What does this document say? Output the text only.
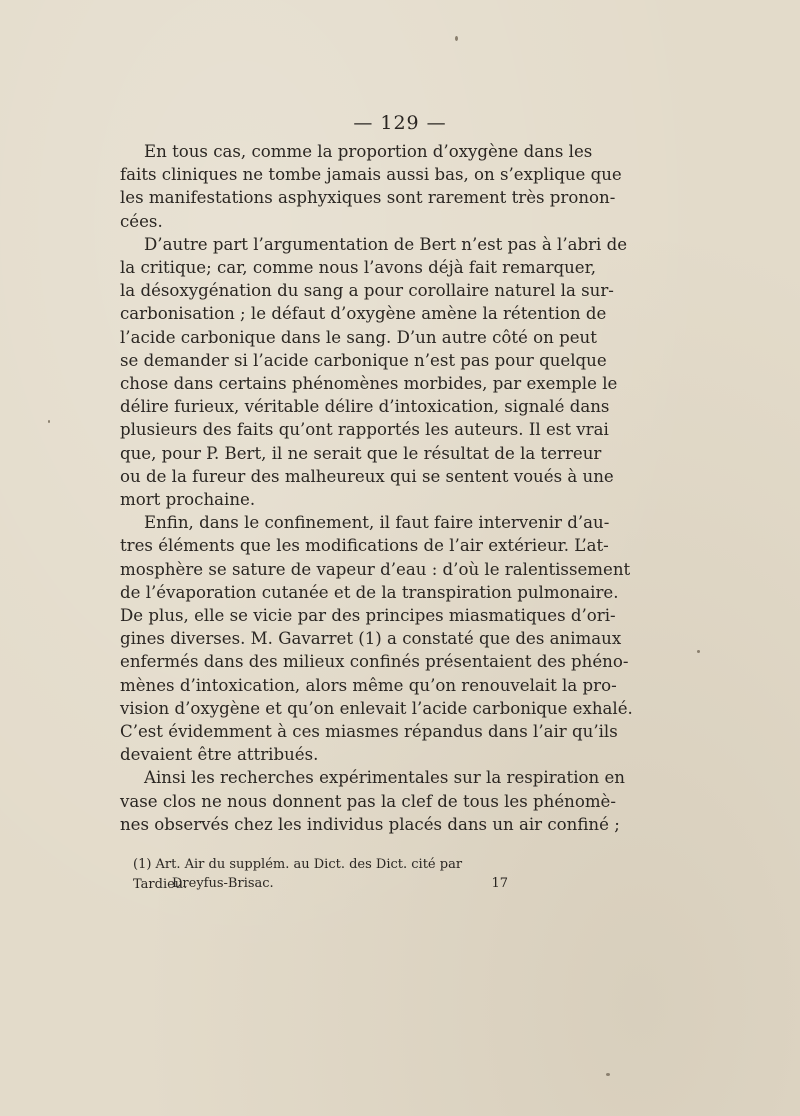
— 129 —
En tous cas, comme la proportion d’oxygène dans les
faits cliniques ne tombe jamais aussi bas, on s’explique que
les manifestations asphyxiques sont rarement très pronon-
cées.
D’autre part l’argumentation de Bert n’est pas à l’abri de
la critique; car, comme nous l’avons déjà fait remarquer,
la désoxygénation du sang a pour corollaire naturel la sur-
carbonisation ; le défaut d’oxygène amène la rétention de
l’acide carbonique dans le sang. D’un autre côté on peut
se demander si l’acide carbonique n’est pas pour quelque
chose dans certains phénomènes morbides, par exemple le
délire furieux, véritable délire d’intoxication, signalé dans
plusieurs des faits qu’ont rapportés les auteurs. Il est vrai
que, pour P. Bert, il ne serait que le résultat de la terreur
ou de la fureur des malheureux qui se sentent voués à une
mort prochaine.
Enfin, dans le confinement, il faut faire intervenir d’au-
tres éléments que les modifications de l’air extérieur. L’at-
mosphère se sature de vapeur d’eau : d’où le ralentissement
de l’évaporation cutanée et de la transpiration pulmonaire.
De plus, elle se vicie par des principes miasmatiques d’ori-
gines diverses. M. Gavarret (1) a constaté que des animaux
enfermés dans des milieux confinés présentaient des phéno-
mènes d’intoxication, alors même qu’on renouvelait la pro-
vision d’oxygène et qu’on enlevait l’acide carbonique exhalé.
C’est évidemment à ces miasmes répandus dans l’air qu’ils
devaient être attribués.
Ainsi les recherches expérimentales sur la respiration en
vase clos ne nous donnent pas la clef de tous les phénomè-
nes observés chez les individus placés dans un air confiné ;
(1) Art. Air du supplém. au Dict. des Dict. cité par Tardieu.
Dreyfus-Brisac.	17
